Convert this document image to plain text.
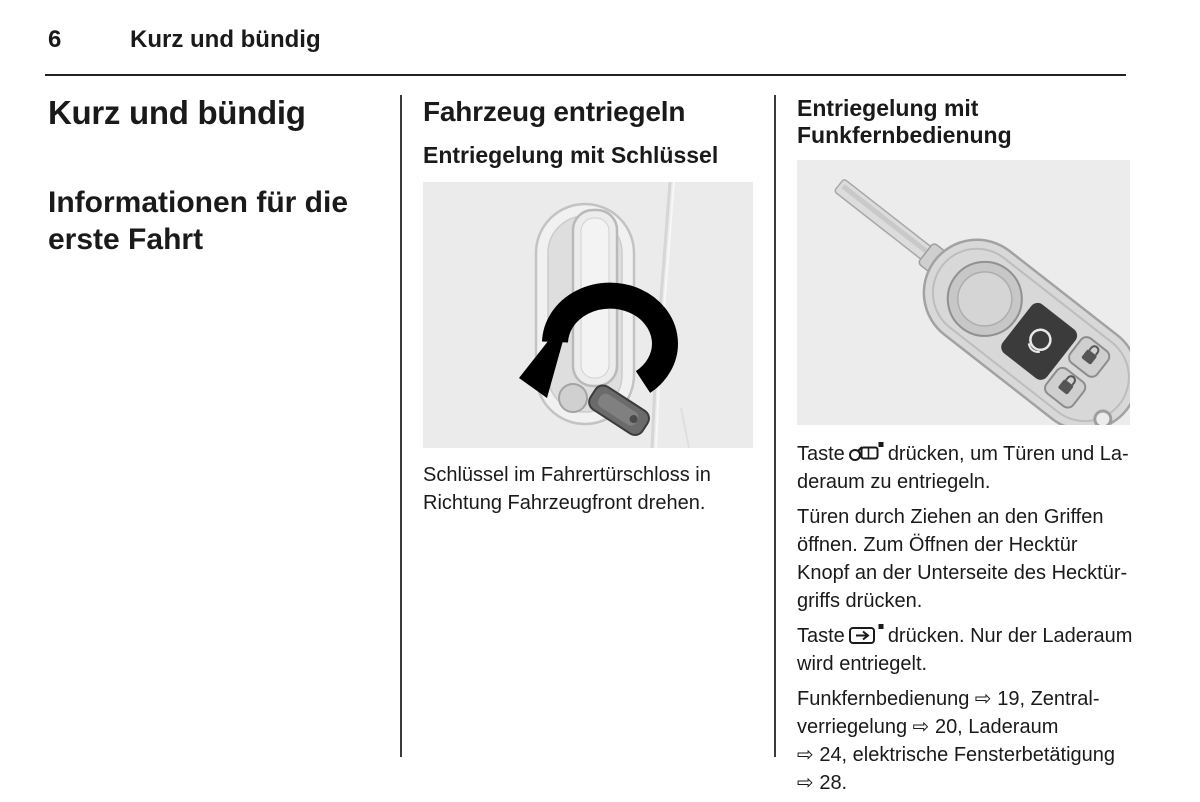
6	Kurz und bündig
Kurz und bündig
Informationen für die
erste Fahrt
Fahrzeug entriegeln
Entriegelung mit Schlüssel
Schlüssel im Fahrertürschloss in
Richtung Fahrzeugfront drehen.
Entriegelung mit
Funkfernbedienung

Taste drücken, um Türen und La-
deraum zu entriegeln.

Türen durch Ziehen an den Griffen
öffnen. Zum Öffnen der Hecktür
Knopf an der Unterseite des Hecktür-
griffs drücken.

Taste drücken. Nur der Laderaum
wird entriegelt.

Funkfernbedienung ⇨ 19, Zentral-
verriegelung ⇨ 20, Laderaum
⇨ 24, elektrische Fensterbetätigung
⇨ 28.
